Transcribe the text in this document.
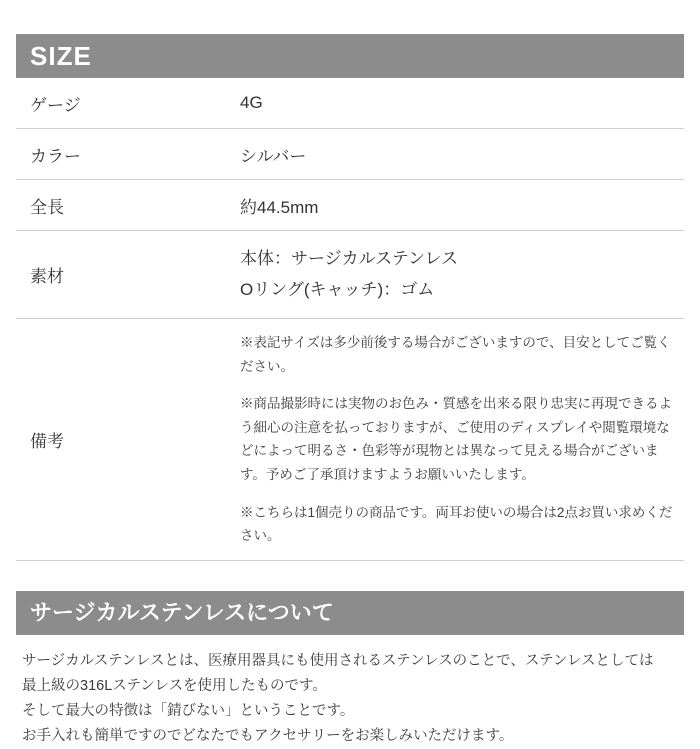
SIZE
ゲージ	4G
カラー	シルバー
全長	約44.5mm
素材	本体：サージカルステンレス
Oリング(キャッチ)：ゴム

備考	※表記サイズは多少前後する場合がございますので、目安としてご覧ください。

※商品撮影時には実物のお色み・質感を出来る限り忠実に再現できるよう細心の注意を払っておりますが、ご使用のディスプレイや閲覧環境などによって明るさ・色彩等が現物とは異なって見える場合がございます。予めご了承頂けますようお願いいたします。

※こちらは1個売りの商品です。両耳お使いの場合は2点お買い求めください。

サージカルステンレスについて
サージカルステンレスとは、医療用器具にも使用されるステンレスのことで、ステンレスとしては
最上級の316Lステンレスを使用したものです。
そして最大の特徴は「錆びない」ということです。
お手入れも簡単ですのでどなたでもアクセサリーをお楽しみいただけます。
